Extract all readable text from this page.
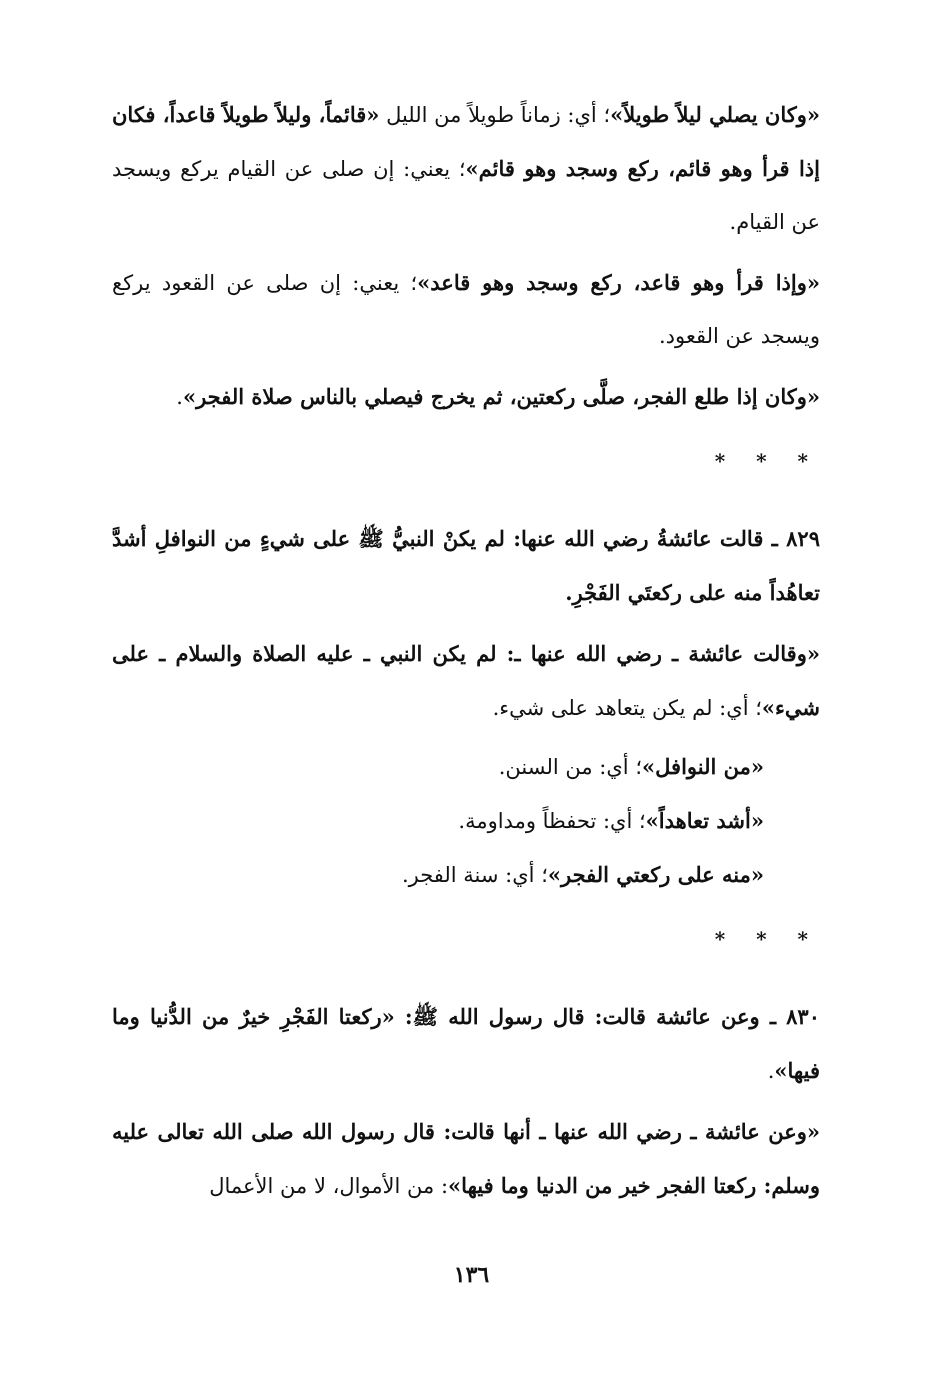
«وكان يصلي ليلاً طويلاً»؛ أي: زماناً طويلاً من الليل «قائماً، وليلاً طويلاً قاعداً، فكان إذا قرأ وهو قائم، ركع وسجد وهو قائم»؛ يعني: إن صلى عن القيام يركع ويسجد عن القيام.

«وإذا قرأ وهو قاعد، ركع وسجد وهو قاعد»؛ يعني: إن صلى عن القعود يركع ويسجد عن القعود.

«وكان إذا طلع الفجر، صلَّى ركعتين، ثم يخرج فيصلي بالناس صلاة الفجر».

* * *

٨٢٩ ـ قالت عائشةُ رضي الله عنها: لم يكنْ النبيُّ ﷺ على شيءٍ من النوافلِ أشدَّ تعاهُداً منه على ركعتَي الفَجْرِ.

«وقالت عائشة ـ رضي الله عنها ـ: لم يكن النبي ـ عليه الصلاة والسلام ـ على شيء»؛ أي: لم يكن يتعاهد على شيء.

«من النوافل»؛ أي: من السنن.

«أشد تعاهداً»؛ أي: تحفظاً ومداومة.

«منه على ركعتي الفجر»؛ أي: سنة الفجر.

* * *

٨٣٠ ـ وعن عائشة قالت: قال رسول الله ﷺ: «ركعتا الفَجْرِ خيرٌ من الدُّنيا وما فيها».

«وعن عائشة ـ رضي الله عنها ـ أنها قالت: قال رسول الله صلى الله تعالى عليه وسلم: ركعتا الفجر خير من الدنيا وما فيها»: من الأموال، لا من الأعمال

١٣٦
